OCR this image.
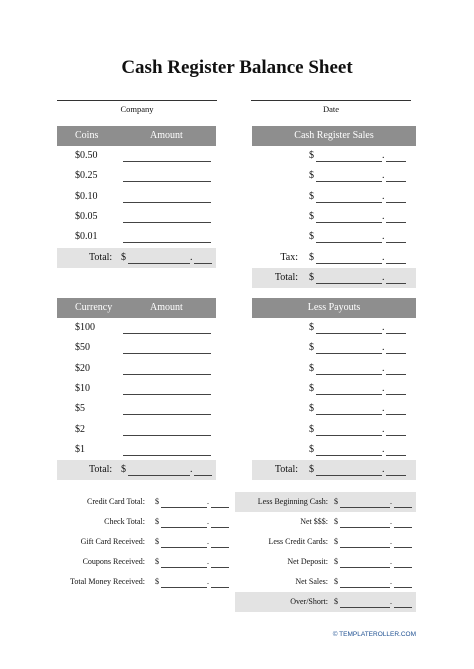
Cash Register Balance Sheet
Company	Date
Coins	Amount
$0.50
$0.25
$0.10
$0.05
$0.01
Total: $	.
Currency	Amount
$100
$50
$20
$10
$5
$2
$1
Total: $	.
Cash Register Sales
$	.
$	.
$	.
$	.
$	.
Tax: $	.
Total: $	.
Less Payouts
$	.
$	.
$	.
$	.
$	.
$	.
$	.
Total: $	.
Credit Card Total: $	.
Check Total: $	.
Gift Card Received: $	.
Coupons Received: $	.
Total Money Received: $	.
Less Beginning Cash: $	.
Net $$$: $	.
Less Credit Cards: $	.
Net Deposit: $	.
Net Sales: $	.
Over/Short: $	.
© TEMPLATEROLLER.COM
